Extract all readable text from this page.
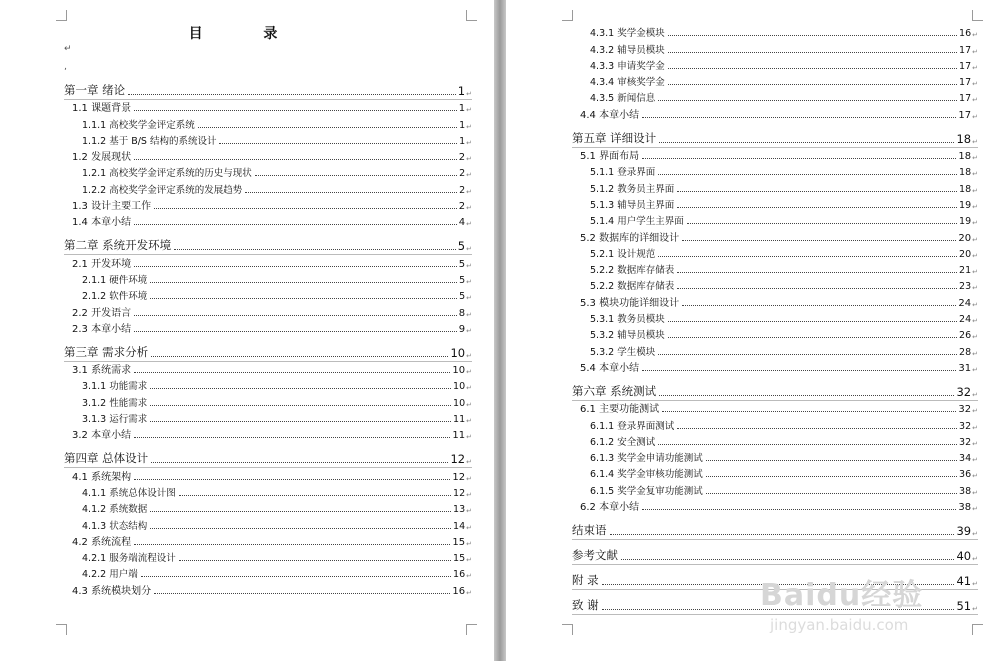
目 录
↵
‚
第一章 绪论	1 ↵
1.1 课题背景	1 ↵
1.1.1 高校奖学金评定系统	1 ↵
1.1.2 基于 B/S 结构的系统设计	1 ↵
1.2 发展现状	2 ↵
1.2.1 高校奖学金评定系统的历史与现状	2 ↵
1.2.2 高校奖学金评定系统的发展趋势	2 ↵
1.3 设计主要工作	2 ↵
1.4 本章小结	4 ↵
第二章 系统开发环境	5 ↵
2.1 开发环境	5 ↵
2.1.1 硬件环境	5 ↵
2.1.2 软件环境	5 ↵
2.2 开发语言	8 ↵
2.3 本章小结	9 ↵
第三章 需求分析	10 ↵
3.1 系统需求	10 ↵
3.1.1 功能需求	10 ↵
3.1.2 性能需求	10 ↵
3.1.3 运行需求	11 ↵
3.2 本章小结	11 ↵
第四章 总体设计	12 ↵
4.1 系统架构	12 ↵
4.1.1 系统总体设计图	12 ↵
4.1.2 系统数据	13 ↵
4.1.3 状态结构	14 ↵
4.2 系统流程	15 ↵
4.2.1 服务端流程设计	15 ↵
4.2.2 用户端	16 ↵
4.3 系统模块划分	16 ↵
4.3.1 奖学金模块	16 ↵
4.3.2 辅导员模块	17 ↵
4.3.3 申请奖学金	17 ↵
4.3.4 审核奖学金	17 ↵
4.3.5 新闻信息	17 ↵
4.4 本章小结	17 ↵
第五章 详细设计	18 ↵
5.1 界面布局	18 ↵
5.1.1 登录界面	18 ↵
5.1.2 教务员主界面	18 ↵
5.1.3 辅导员主界面	19 ↵
5.1.4 用户学生主界面	19 ↵
5.2 数据库的详细设计	20 ↵
5.2.1 设计规范	20 ↵
5.2.2 数据库存储表	21 ↵
5.2.2 数据库存储表	23 ↵
5.3 模块功能详细设计	24 ↵
5.3.1 教务员模块	24 ↵
5.3.2 辅导员模块	26 ↵
5.3.2 学生模块	28 ↵
5.4 本章小结	31 ↵
第六章 系统测试	32 ↵
6.1 主要功能测试	32 ↵
6.1.1 登录界面测试	32 ↵
6.1.2 安全测试	32 ↵
6.1.3 奖学金申请功能测试	34 ↵
6.1.4 奖学金审核功能测试	36 ↵
6.1.5 奖学金复审功能测试	38 ↵
6.2 本章小结	38 ↵
结束语	39 ↵
参考文献	40 ↵
附 录	41 ↵
致 谢	51 ↵
Baidu经验
jingyan.baidu.com
